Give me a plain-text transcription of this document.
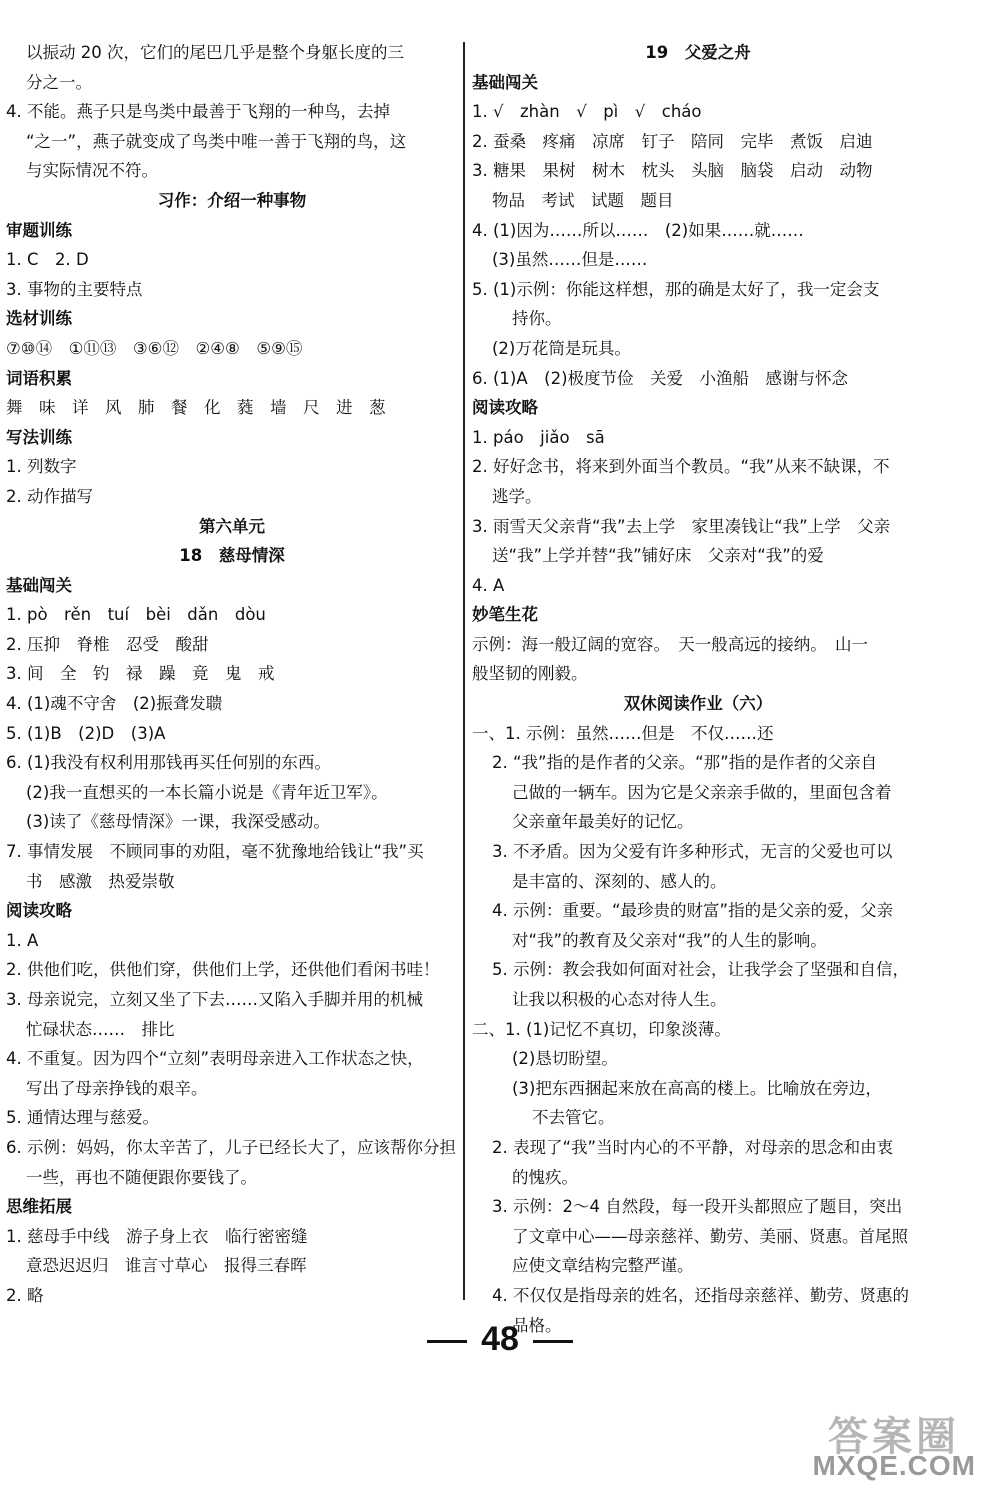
以振动 20 次，它们的尾巴几乎是整个身躯长度的三
分之一。
4. 不能。燕子只是鸟类中最善于飞翔的一种鸟，去掉
“之一”，燕子就变成了鸟类中唯一善于飞翔的鸟，这
与实际情况不符。
习作：介绍一种事物
审题训练
1. C　2. D
3. 事物的主要特点
选材训练
⑦⑩⑭　①⑪⑬　③⑥⑫　②④⑧　⑤⑨⑮
词语积累
舞　味　详　风　肺　餐　化　蕤　墙　尺　进　葱
写法训练
1. 列数字
2. 动作描写
第六单元
18　慈母情深
基础闯关
1. pò　rěn　tuí　bèi　dǎn　dòu
2. 压抑　脊椎　忍受　酸甜
3. 间　全　钓　禄　躁　竟　鬼　戒
4. (1)魂不守舍　(2)振聋发聩
5. (1)B　(2)D　(3)A
6. (1)我没有权利用那钱再买任何别的东西。
(2)我一直想买的一本长篇小说是《青年近卫军》。
(3)读了《慈母情深》一课，我深受感动。
7. 事情发展　不顾同事的劝阻，毫不犹豫地给钱让“我”买
书　感激　热爱崇敬
阅读攻略
1. A
2. 供他们吃，供他们穿，供他们上学，还供他们看闲书哇！
3. 母亲说完，立刻又坐了下去……又陷入手脚并用的机械
忙碌状态……　排比
4. 不重复。因为四个“立刻”表明母亲进入工作状态之快，
写出了母亲挣钱的艰辛。
5. 通情达理与慈爱。
6. 示例：妈妈，你太辛苦了，儿子已经长大了，应该帮你分担
一些，再也不随便跟你要钱了。
思维拓展
1. 慈母手中线　游子身上衣　临行密密缝
意恐迟迟归　谁言寸草心　报得三春晖
2. 略
19　父爱之舟
基础闯关
1. √　zhàn　√　pì　√　cháo
2. 蚕桑　疼痛　凉席　钉子　陪同　完毕　煮饭　启迪
3. 糖果　果树　树木　枕头　头脑　脑袋　启动　动物
物品　考试　试题　题目
4. (1)因为……所以……　(2)如果……就……
(3)虽然……但是……
5. (1)示例：你能这样想，那的确是太好了，我一定会支
持你。
(2)万花筒是玩具。
6. (1)A　(2)极度节俭　关爱　小渔船　感谢与怀念
阅读攻略
1. páo　jiǎo　sā
2. 好好念书，将来到外面当个教员。“我”从来不缺课，不
逃学。
3. 雨雪天父亲背“我”去上学　家里凑钱让“我”上学　父亲
送“我”上学并替“我”铺好床　父亲对“我”的爱
4. A
妙笔生花
示例：海一般辽阔的宽容。　天一般高远的接纳。　山一
般坚韧的刚毅。
双休阅读作业（六）
一、1. 示例：虽然……但是　不仅……还
2. “我”指的是作者的父亲。“那”指的是作者的父亲自
己做的一辆车。因为它是父亲亲手做的，里面包含着
父亲童年最美好的记忆。
3. 不矛盾。因为父爱有许多种形式，无言的父爱也可以
是丰富的、深刻的、感人的。
4. 示例：重要。“最珍贵的财富”指的是父亲的爱，父亲
对“我”的教育及父亲对“我”的人生的影响。
5. 示例：教会我如何面对社会，让我学会了坚强和自信，
让我以积极的心态对待人生。
二、1. (1)记忆不真切，印象淡薄。
(2)恳切盼望。
(3)把东西捆起来放在高高的楼上。比喻放在旁边，
不去管它。
2. 表现了“我”当时内心的不平静，对母亲的思念和由衷
的愧疚。
3. 示例：2～4 自然段，每一段开头都照应了题目，突出
了文章中心——母亲慈祥、勤劳、美丽、贤惠。首尾照
应使文章结构完整严谨。
4. 不仅仅是指母亲的姓名，还指母亲慈祥、勤劳、贤惠的
品格。
48
答案圈
MXQE.COM
